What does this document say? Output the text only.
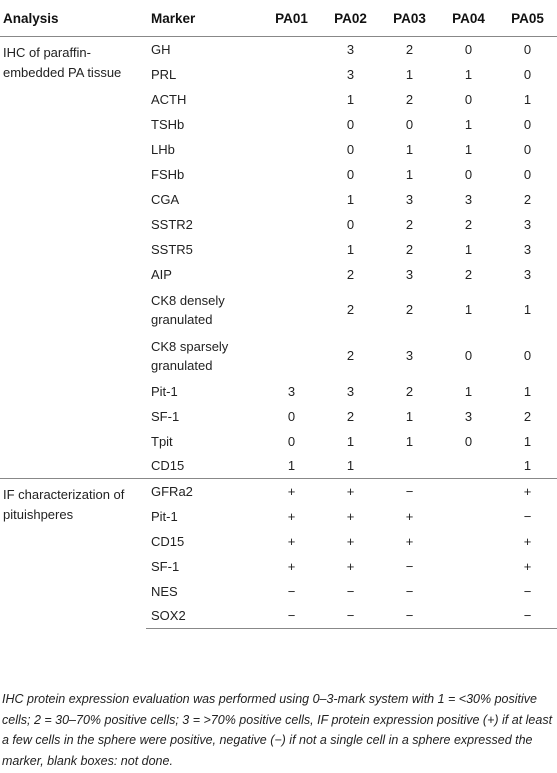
Analysis	Marker	PA01	PA02	PA03	PA04	PA05
IHC of paraffin-embedded PA tissue	GH		3	2	0	0
	PRL		3	1	1	0
	ACTH		1	2	0	1
	TSHb		0	0	1	0
	LHb		0	1	1	0
	FSHb		0	1	0	0
	CGA		1	3	3	2
	SSTR2		0	2	2	3
	SSTR5		1	2	1	3
	AIP		2	3	2	3
	CK8 densely granulated		2	2	1	1
	CK8 sparsely granulated		2	3	0	0
	Pit-1	3	3	2	1	1
	SF-1	0	2	1	3	2
	Tpit	0	1	1	0	1
	CD15	1	1			1
IF characterization of pituishperes	GFRa2	+	+	−		+
	Pit-1	+	+	+		−
	CD15	+	+	+		+
	SF-1	+	+	−		+
	NES	−	−	−		−
	SOX2	−	−	−		−
IHC protein expression evaluation was performed using 0–3-mark system with 1 = <30% positive cells; 2 = 30–70% positive cells; 3 = >70% positive cells, IF protein expression positive (+) if at least a few cells in the sphere were positive, negative (−) if not a single cell in a sphere expressed the marker, blank boxes: not done.
